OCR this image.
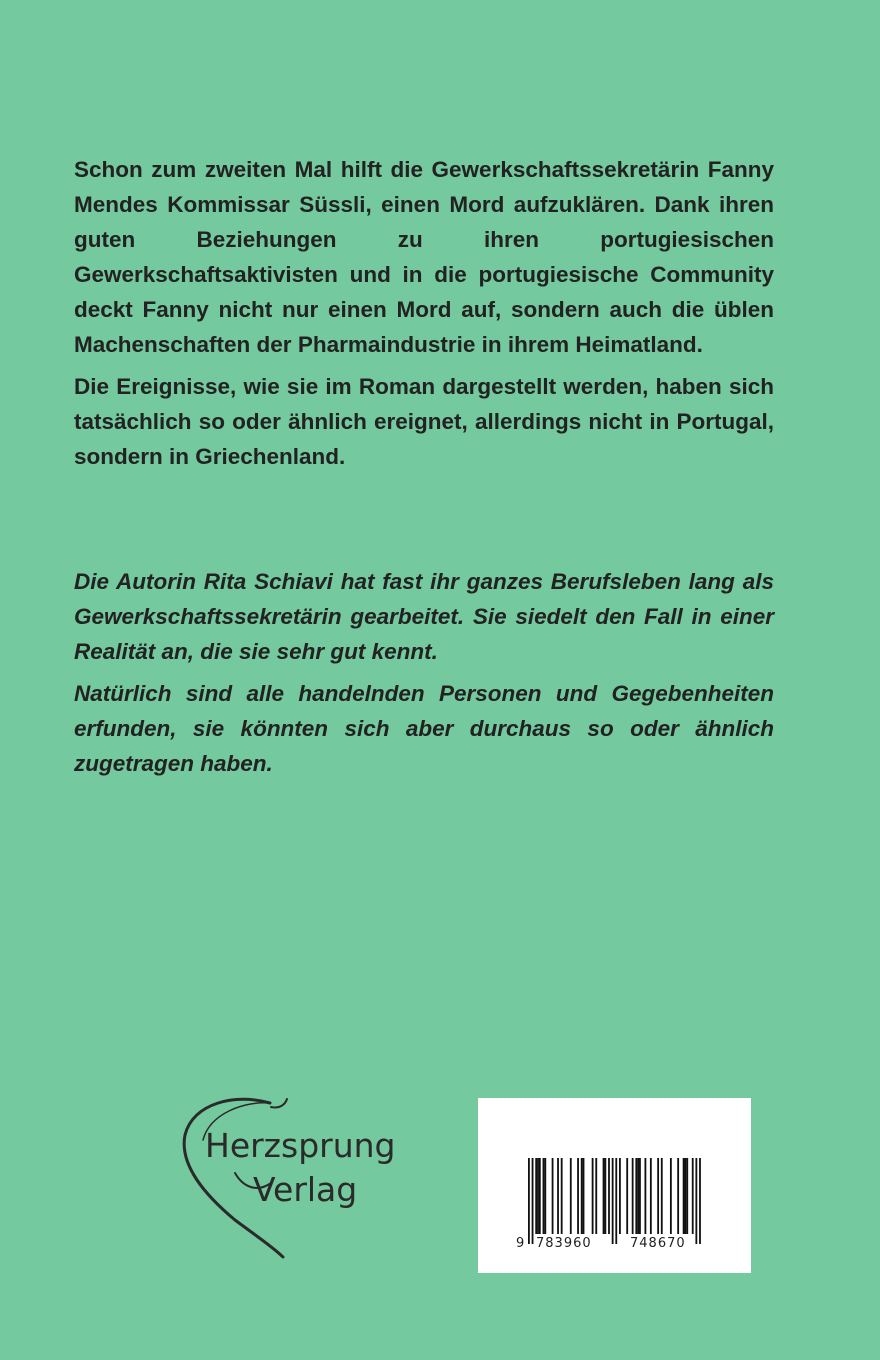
Schon zum zweiten Mal hilft die Gewerkschaftssekretärin Fanny Mendes Kommissar Süssli, einen Mord aufzuklären. Dank ihren guten Beziehungen zu ihren portugiesischen Gewerkschaftsaktivisten und in die portugiesische Community deckt Fanny nicht nur einen Mord auf, sondern auch die üblen Machenschaften der Pharmaindustrie in ihrem Heimatland.

Die Ereignisse, wie sie im Roman dargestellt werden, haben sich tatsächlich so oder ähnlich ereignet, allerdings nicht in Portugal, sondern in Griechenland.

Die Autorin Rita Schiavi hat fast ihr ganzes Berufsleben lang als Gewerkschaftssekretärin gearbeitet. Sie siedelt den Fall in einer Realität an, die sie sehr gut kennt.

Natürlich sind alle handelnden Personen und Gegebenheiten erfunden, sie könnten sich aber durchaus so oder ähnlich zugetragen haben.

Herzsprung
Verlag
9 783960	748670
